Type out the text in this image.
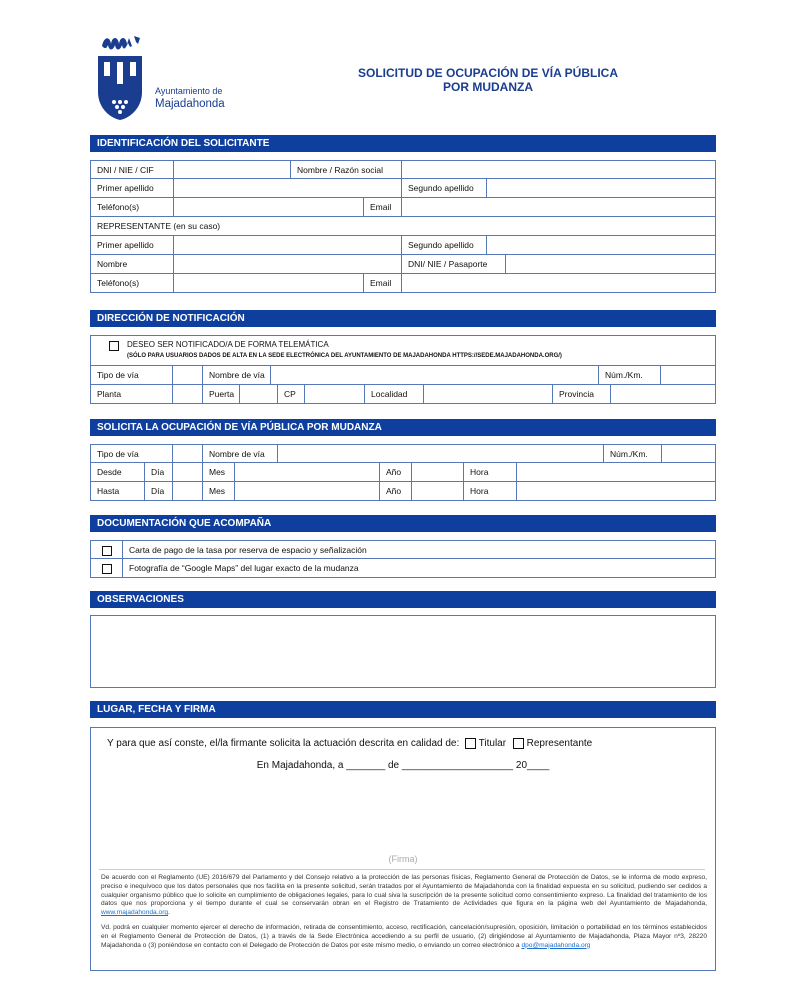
Ayuntamiento de
Majadahonda
SOLICITUD DE OCUPACIÓN DE VÍA PÚBLICA
POR MUDANZA
IDENTIFICACIÓN DEL SOLICITANTE
DNI / NIE / CIF	Nombre / Razón social
Primer apellido	Segundo apellido
Teléfono(s)	Email
REPRESENTANTE (en su caso)
Primer apellido	Segundo apellido
Nombre	DNI/ NIE / Pasaporte
Teléfono(s)	Email
DIRECCIÓN DE NOTIFICACIÓN
DESEO SER NOTIFICADO/A DE FORMA TELEMÁTICA
(SÓLO PARA USUARIOS DADOS DE ALTA EN LA SEDE ELECTRÓNICA DEL AYUNTAMIENTO DE MAJADAHONDA HTTPS://SEDE.MAJADAHONDA.ORG/)
Tipo de vía	Nombre de vía	Núm./Km.
Planta	Puerta	CP	Localidad	Provincia
SOLICITA LA OCUPACIÓN DE VÍA PÚBLICA POR MUDANZA
Tipo de vía	Nombre de vía	Núm./Km.
Desde	Día	Mes	Año	Hora
Hasta	Día	Mes	Año	Hora
DOCUMENTACIÓN QUE ACOMPAÑA
Carta de pago de la tasa por reserva de espacio y señalización
Fotografía de “Google Maps” del lugar exacto de la mudanza
OBSERVACIONES
LUGAR, FECHA Y FIRMA
Y para que así conste, el/la firmante solicita la actuación descrita en calidad de: Titular Representante
En Majadahonda, a _______ de ____________________ 20____
(Firma)
De acuerdo con el Reglamento (UE) 2016/679 del Parlamento y del Consejo relativo a la protección de las personas físicas, Reglamento General de Protección de Datos, se le informa de modo expreso, preciso e inequívoco que los datos personales que nos facilita en la presente solicitud, serán tratados por el Ayuntamiento de Majadahonda con la finalidad expuesta en su solicitud, pudiendo ser cedidos a cualquier organismo público que lo solicite en cumplimiento de obligaciones legales, para lo cual siva la suscripción de la presente solicitud como consentimiento expreso. La finalidad del tratamiento de los datos que nos proporciona y el tiempo durante el cual se conservarán obran en el Registro de Tratamiento de Actividades que figura en la página web del Ayuntamiento de Majadahonda, www.majadahonda.org.
Vd. podrá en cualquier momento ejercer el derecho de información, retirada de consentimiento, acceso, rectificación, cancelación/supresión, oposición, limitación o portabilidad en los términos establecidos en el Reglamento General de Protección de Datos, (1) a través de la Sede Electrónica accediendo a su perfil de usuario, (2) dirigiéndose al Ayuntamiento de Majadahonda, Plaza Mayor nº3, 28220 Majadahonda o (3) poniéndose en contacto con el Delegado de Protección de Datos por este mismo medio, o enviando un correo electrónico a dpo@majadahonda.org
